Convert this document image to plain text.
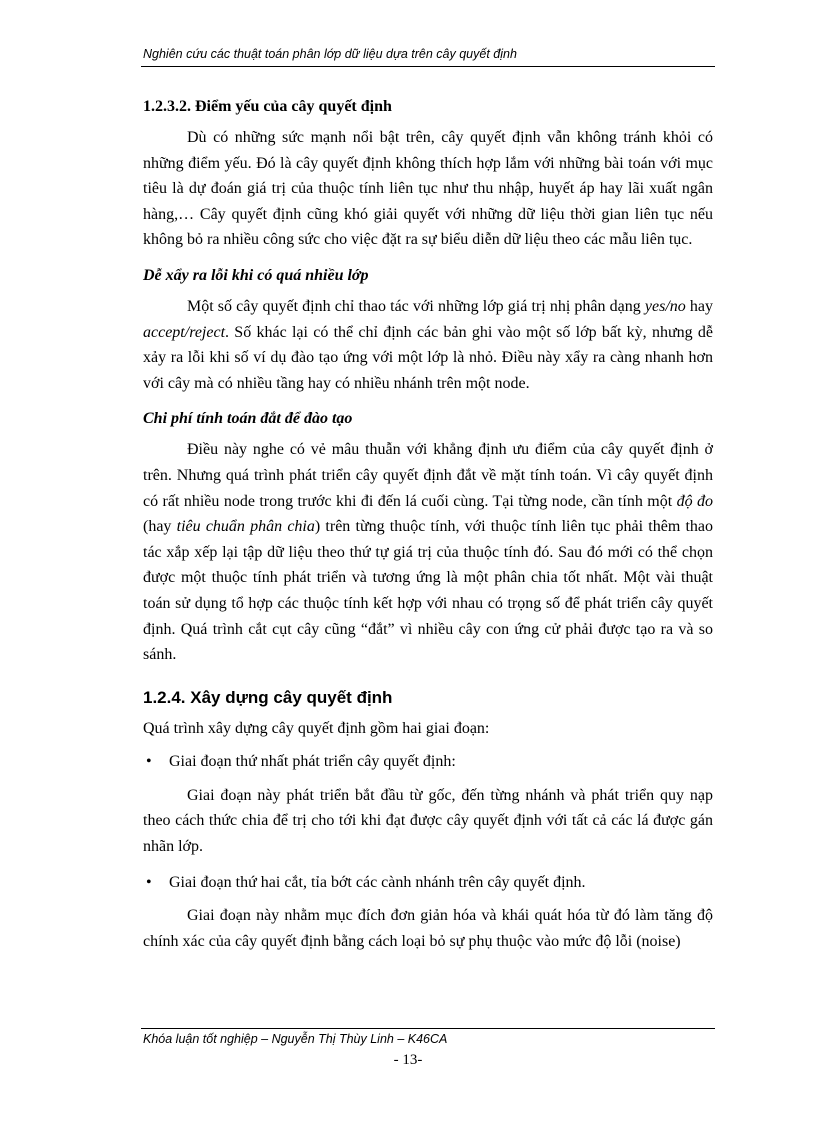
Nghiên cứu các thuật toán phân lớp dữ liệu dựa trên cây quyết định
1.2.3.2. Điểm yếu của cây quyết định

Dù có những sức mạnh nổi bật trên, cây quyết định vẫn không tránh khỏi có những điểm yếu. Đó là cây quyết định không thích hợp lắm với những bài toán với mục tiêu là dự đoán giá trị của thuộc tính liên tục như thu nhập, huyết áp hay lãi xuất ngân hàng,… Cây quyết định cũng khó giải quyết với những dữ liệu thời gian liên tục nếu không bỏ ra nhiều công sức cho việc đặt ra sự biểu diễn dữ liệu theo các mẫu liên tục.

Dễ xẩy ra lỗi khi có quá nhiều lớp

Một số cây quyết định chỉ thao tác với những lớp giá trị nhị phân dạng yes/no hay accept/reject. Số khác lại có thể chỉ định các bản ghi vào một số lớp bất kỳ, nhưng dễ xảy ra lỗi khi số ví dụ đào tạo ứng với một lớp là nhỏ. Điều này xẩy ra càng nhanh hơn với cây mà có nhiều tầng hay có nhiều nhánh trên một node.

Chi phí tính toán đắt để đào tạo

Điều này nghe có vẻ mâu thuẫn với khẳng định ưu điểm của cây quyết định ở trên. Nhưng quá trình phát triển cây quyết định đắt về mặt tính toán. Vì cây quyết định có rất nhiều node trong trước khi đi đến lá cuối cùng. Tại từng node, cần tính một độ đo (hay tiêu chuẩn phân chia) trên từng thuộc tính, với thuộc tính liên tục phải thêm thao tác xắp xếp lại tập dữ liệu theo thứ tự giá trị của thuộc tính đó. Sau đó mới có thể chọn được một thuộc tính phát triển và tương ứng là một phân chia tốt nhất. Một vài thuật toán sử dụng tổ hợp các thuộc tính kết hợp với nhau có trọng số để phát triển cây quyết định. Quá trình cắt cụt cây cũng “đắt” vì nhiều cây con ứng cử phải được tạo ra và so sánh.

1.2.4. Xây dựng cây quyết định

Quá trình xây dựng cây quyết định gồm hai giai đoạn:

• Giai đoạn thứ nhất phát triển cây quyết định:

Giai đoạn này phát triển bắt đầu từ gốc, đến từng nhánh và phát triển quy nạp theo cách thức chia để trị cho tới khi đạt được cây quyết định với tất cả các lá được gán nhãn lớp.

• Giai đoạn thứ hai cắt, tỉa bớt các cành nhánh trên cây quyết định.

Giai đoạn này nhằm mục đích đơn giản hóa và khái quát hóa từ đó làm tăng độ chính xác của cây quyết định bằng cách loại bỏ sự phụ thuộc vào mức độ lỗi (noise)

Khóa luận tốt nghiệp – Nguyễn Thị Thùy Linh – K46CA
- 13-
